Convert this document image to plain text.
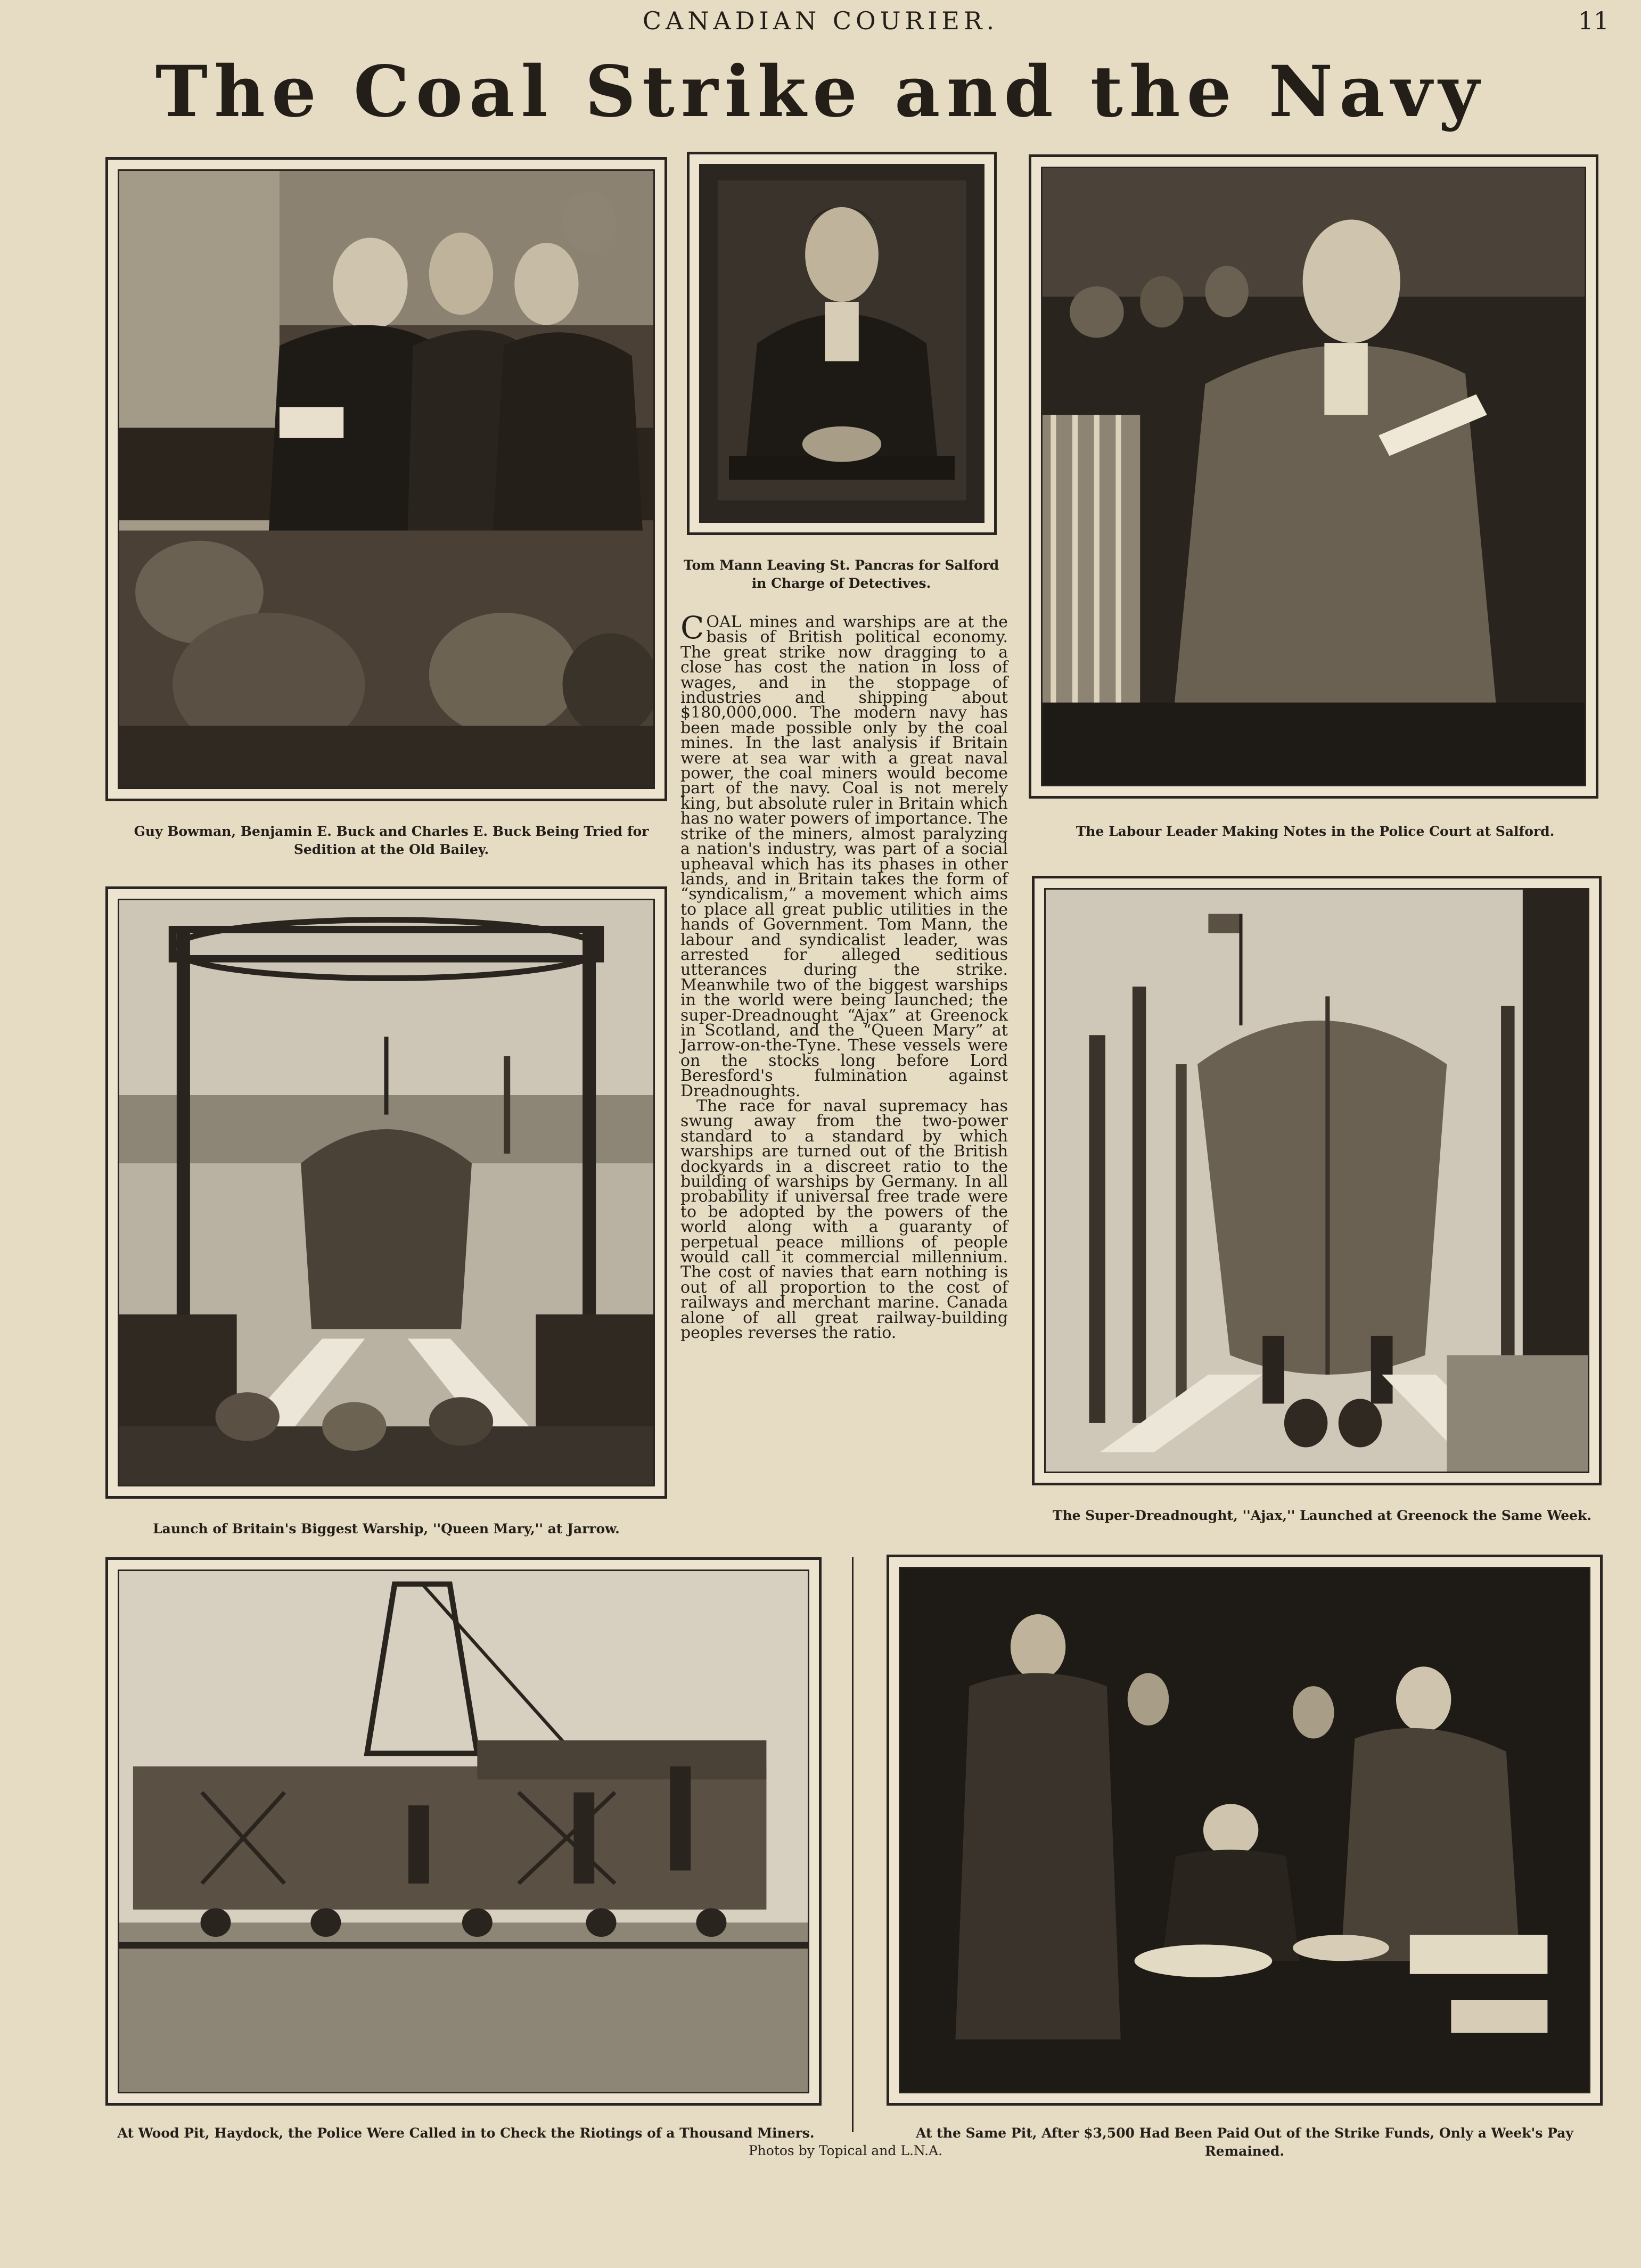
CANADIAN COURIER.	11
The Coal Strike and the Navy
Guy Bowman, Benjamin E. Buck and Charles E. Buck Being Tried for Sedition at the Old Bailey.
Tom Mann Leaving St. Pancras for Salford in Charge of Detectives.
The Labour Leader Making Notes in the Police Court at Salford.
Launch of Britain's Biggest Warship, ''Queen Mary,'' at Jarrow.
The Super-Dreadnought, ''Ajax,'' Launched at Greenock the Same Week.
At Wood Pit, Haydock, the Police Were Called in to Check the Riotings of a Thousand Miners.	At the Same Pit, After $3,500 Had Been Paid Out of the Strike Funds, Only a Week's Pay Remained.

COAL mines and warships are at the basis of British political economy. The great strike now dragging to a close has cost the nation in loss of wages, and in the stoppage of industries and shipping about $180,000,000. The modern navy has been made possible only by the coal mines. In the last analysis if Britain were at sea war with a great naval power, the coal miners would become part of the navy. Coal is not merely king, but absolute ruler in Britain which has no water powers of importance. The strike of the miners, almost paralyzing a nation's industry, was part of a social upheaval which has its phases in other lands, and in Britain takes the form of “syndicalism,” a movement which aims to place all great public utilities in the hands of Government. Tom Mann, the labour and syndicalist leader, was arrested for alleged seditious utterances during the strike. Meanwhile two of the biggest warships in the world were being launched; the super-Dreadnought “Ajax” at Greenock in Scotland, and the “Queen Mary” at Jarrow-on-the-Tyne. These vessels were on the stocks long before Lord Beresford's fulmination against Dreadnoughts.

The race for naval supremacy has swung away from the two-power standard to a standard by which warships are turned out of the British dockyards in a discreet ratio to the building of warships by Germany. In all probability if universal free trade were to be adopted by the powers of the world along with a guaranty of perpetual peace millions of people would call it commercial millennium. The cost of navies that earn nothing is out of all proportion to the cost of railways and merchant marine. Canada alone of all great railway-building peoples reverses the ratio.

Photos by Topical and L.N.A.
